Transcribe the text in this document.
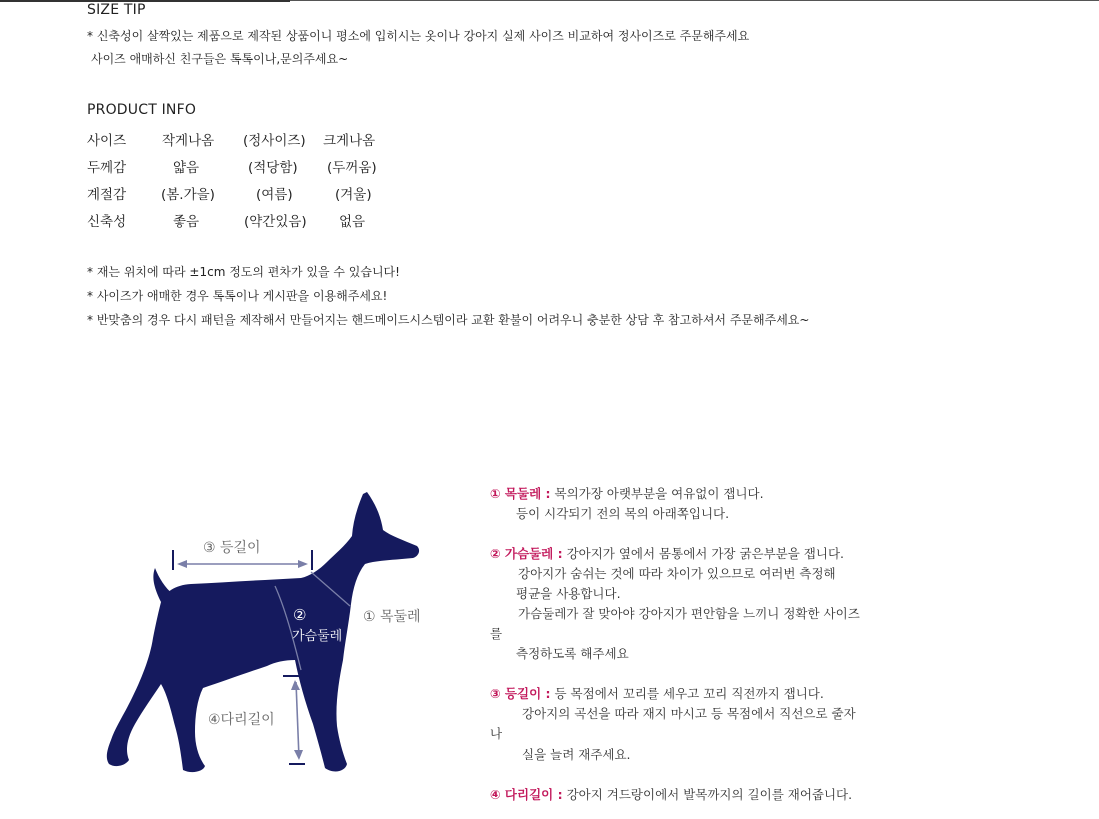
SIZE TIP
* 신축성이 살짝있는 제품으로 제작된 상품이니 평소에 입히시는 옷이나 강아지 실제 사이즈 비교하여 정사이즈로 주문해주세요
사이즈 애매하신 친구들은 톡톡이나,문의주세요~
PRODUCT INFO
사이즈	작게나옴 (정사이즈) 크게나옴
두께감	얇음	(적당함) (두꺼움)
계절감	(봄.가을)	(여름)	(겨울)
신축성	좋음	(약간있음) 없음
* 재는 위치에 따라 ±1cm 정도의 편차가 있을 수 있습니다!
* 사이즈가 애매한 경우 톡톡이나 게시판을 이용해주세요!
* 반맞춤의 경우 다시 패턴을 제작해서 만들어지는 핸드메이드시스템이라 교환 환불이 어려우니 충분한 상담 후 참고하셔서 주문해주세요~
③ 등길이
②
가슴둘레
① 목둘레
④다리길이
① 목둘레 : 목의가장 아랫부분을 여유없이 잽니다.
등이 시각되기 전의 목의 아래쪽입니다.
② 가슴둘레 : 강아지가 옆에서 몸통에서 가장 굵은부분을 잽니다.
강아지가 숨쉬는 것에 따라 차이가 있으므로 여러번 측정해
평균을 사용합니다.
가슴둘레가 잘 맞아야 강아지가 편안함을 느끼니 정확한 사이즈
를
측정하도록 해주세요
③ 등길이 : 등 목점에서 꼬리를 세우고 꼬리 직전까지 잽니다.
강아지의 곡선을 따라 재지 마시고 등 목점에서 직선으로 줄자
나
실을 늘려 재주세요.
④ 다리길이 : 강아지 겨드랑이에서 발목까지의 길이를 재어줍니다.
